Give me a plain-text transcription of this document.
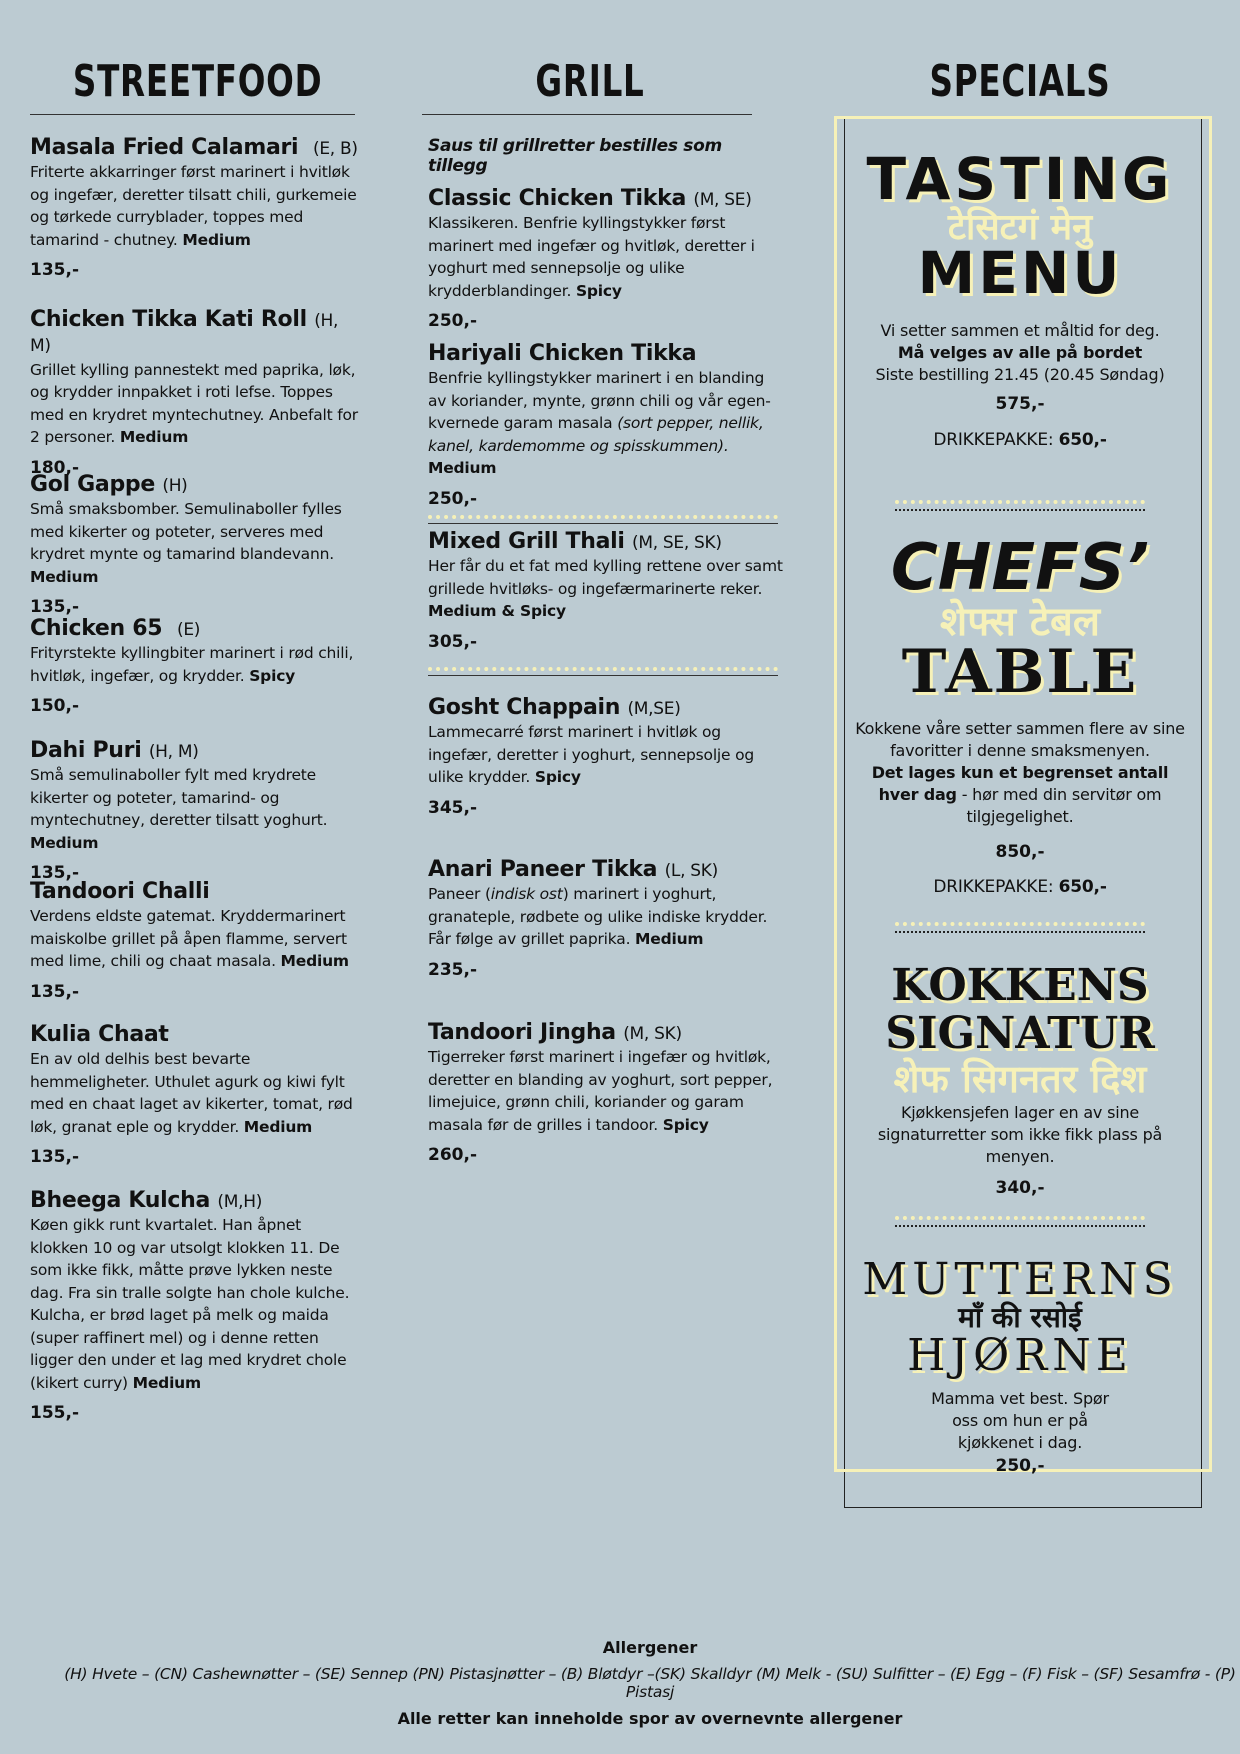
STREETFOOD
Masala Fried Calamari (E, B)
Friterte akkarringer først marinert i hvitløk og ingefær, deretter tilsatt chili, gurkemeie og tørkede curryblader, toppes med tamarind - chutney. Medium
135,-
Chicken Tikka Kati Roll (H, M)
Grillet kylling pannestekt med paprika, løk, og krydder innpakket i roti lefse. Toppes med en krydret myntechutney. Anbefalt for 2 personer. Medium
180,-
Gol Gappe (H)
Små smaksbomber. Semulinaboller fylles med kikerter og poteter, serveres med krydret mynte og tamarind blandevann. Medium
135,-
Chicken 65 (E)
Frityrstekte kyllingbiter marinert i rød chili, hvitløk, ingefær, og krydder. Spicy
150,-
Dahi Puri (H, M)
Små semulinaboller fylt med krydrete kikerter og poteter, tamarind- og myntechutney, deretter tilsatt yoghurt. Medium
135,-
Tandoori Challi
Verdens eldste gatemat. Kryddermarinert maiskolbe grillet på åpen flamme, servert med lime, chili og chaat masala. Medium
135,-
Kulia Chaat
En av old delhis best bevarte hemmeligheter. Uthulet agurk og kiwi fylt med en chaat laget av kikerter, tomat, rød løk, granat eple og krydder. Medium
135,-
Bheega Kulcha (M,H)
Køen gikk runt kvartalet. Han åpnet klokken 10 og var utsolgt klokken 11. De som ikke fikk, måtte prøve lykken neste dag. Fra sin tralle solgte han chole kulche. Kulcha, er brød laget på melk og maida (super raffinert mel) og i denne retten ligger den under et lag med krydret chole (kikert curry) Medium
155,-
GRILL
Saus til grillretter bestilles som tillegg
Classic Chicken Tikka (M, SE)
Klassikeren. Benfrie kyllingstykker først marinert med ingefær og hvitløk, deretter i yoghurt med sennepsolje og ulike krydderblandinger. Spicy
250,-
Hariyali Chicken Tikka
Benfrie kyllingstykker marinert i en blanding av koriander, mynte, grønn chili og vår egen-kvernede garam masala (sort pepper, nellik, kanel, kardemomme og spisskummen). Medium
250,-
Mixed Grill Thali (M, SE, SK)
Her får du et fat med kylling rettene over samt grillede hvitløks- og ingefærmarinerte reker.
Medium & Spicy
305,-
Gosht Chappain (M,SE)
Lammecarré først marinert i hvitløk og ingefær, deretter i yoghurt, sennepsolje og ulike krydder. Spicy
345,-
Anari Paneer Tikka (L, SK)
Paneer (indisk ost) marinert i yoghurt, granateple, rødbete og ulike indiske krydder. Får følge av grillet paprika. Medium
235,-
Tandoori Jingha (M, SK)
Tigerreker først marinert i ingefær og hvitløk, deretter en blanding av yoghurt, sort pepper, limejuice, grønn chili, koriander og garam masala før de grilles i tandoor. Spicy
260,-
SPECIALS
TASTING
टेसिटगं मेनु
MENU
Vi setter sammen et måltid for deg.
Må velges av alle på bordet
Siste bestilling 21.45 (20.45 Søndag)
575,-
DRIKKEPAKKE: 650,-
CHEFS’
शेफ्स टेबल
TABLE
Kokkene våre setter sammen flere av sine favoritter i denne smaksmenyen.
Det lages kun et begrenset antall hver dag - hør med din servitør om tilgjegelighet.
850,-
DRIKKEPAKKE: 650,-
KOKKENS
SIGNATUR
शेफ सिगनतर दिश
Kjøkkensjefen lager en av sine signaturretter som ikke fikk plass på menyen.
340,-
MUTTERNS
माँ की रसोई
HJØRNE
Mamma vet best. Spør oss om hun er på kjøkkenet i dag.
250,-
Allergener
(H) Hvete – (CN) Cashewnøtter – (SE) Sennep (PN) Pistasjnøtter – (B) Bløtdyr –(SK) Skalldyr (M) Melk - (SU) Sulfitter – (E) Egg – (F) Fisk – (SF) Sesamfrø - (P) Pistasj
Alle retter kan inneholde spor av overnevnte allergener
